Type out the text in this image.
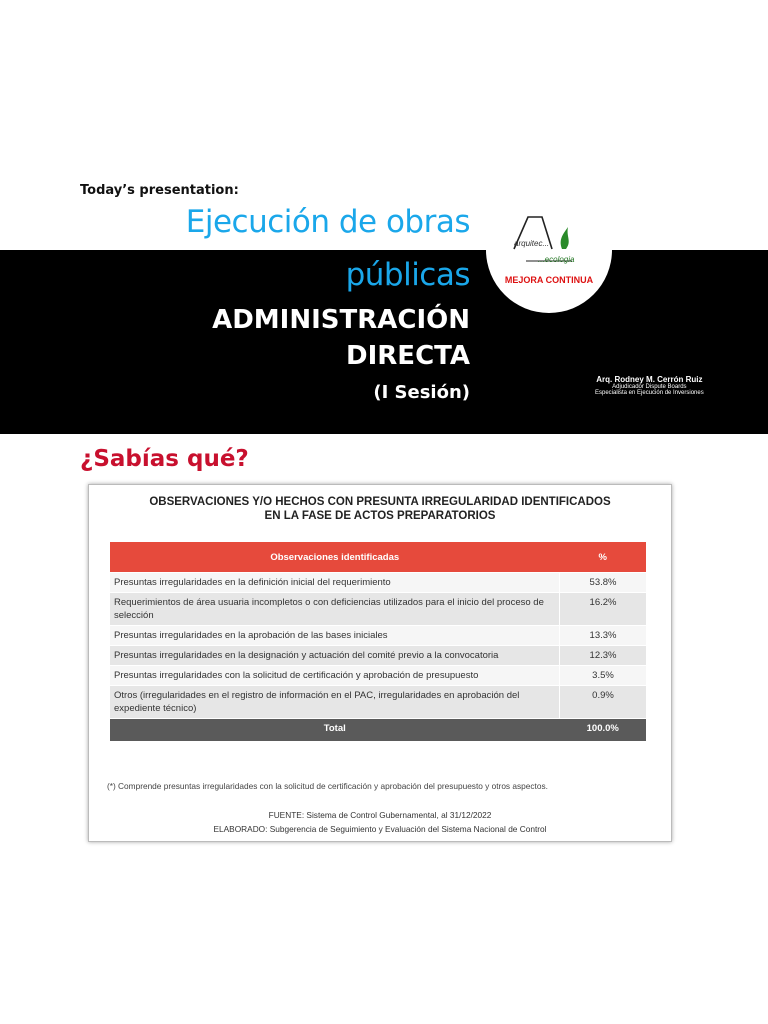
Today’s presentation:
Ejecución de obras
públicas
ADMINISTRACIÓN
DIRECTA
(I Sesión)
arquitec...
...ecologia
MEJORA CONTINUA
Arq. Rodney M. Cerrón Ruiz
Adjudicador Dispute Boards
Especialista en Ejecución de Inversiones
¿Sabías qué?
OBSERVACIONES Y/O HECHOS CON PRESUNTA IRREGULARIDAD IDENTIFICADOS
EN LA FASE DE ACTOS PREPARATORIOS
Observaciones identificadas	%
Presuntas irregularidades en la definición inicial del requerimiento	53.8%
Requerimientos de área usuaria incompletos o con deficiencias utilizados para el inicio del proceso de selección	16.2%
Presuntas irregularidades en la aprobación de las bases iniciales	13.3%
Presuntas irregularidades en la designación y actuación del comité previo a la convocatoria	12.3%
Presuntas irregularidades con la solicitud de certificación y aprobación de presupuesto	3.5%
Otros (irregularidades en el registro de información en el PAC, irregularidades en aprobación del expediente técnico)	0.9%
Total	100.0%
(*) Comprende presuntas irregularidades con la solicitud de certificación y aprobación del presupuesto y otros aspectos.
FUENTE: Sistema de Control Gubernamental, al 31/12/2022
ELABORADO: Subgerencia de Seguimiento y Evaluación del Sistema Nacional de Control
